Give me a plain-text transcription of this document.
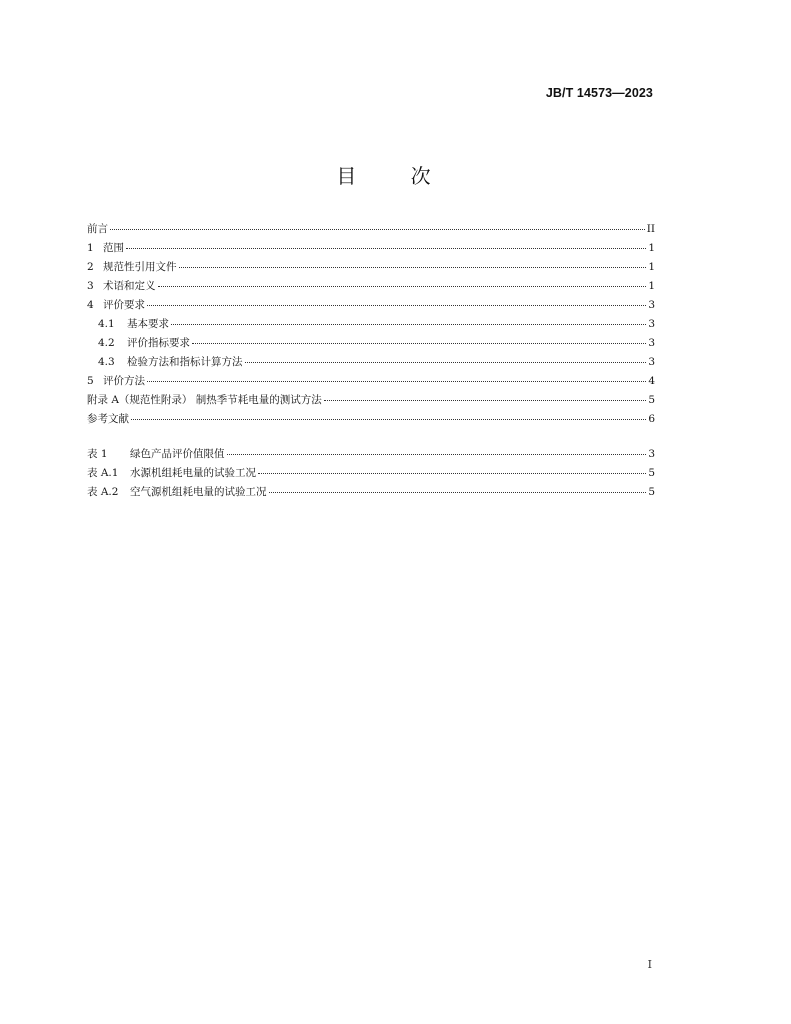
JB/T 14573—2023
目 次
前言	II
1 范围	1
2 规范性引用文件	1
3 术语和定义	1
4 评价要求	3
4.1	基本要求	3
4.2	评价指标要求	3
4.3	检验方法和指标计算方法	3
5 评价方法	4
附录 A（规范性附录） 制热季节耗电量的测试方法	5
参考文献	6
表 1	绿色产品评价值限值	3
表 A.1	水源机组耗电量的试验工况	5
表 A.2	空气源机组耗电量的试验工况	5
I
